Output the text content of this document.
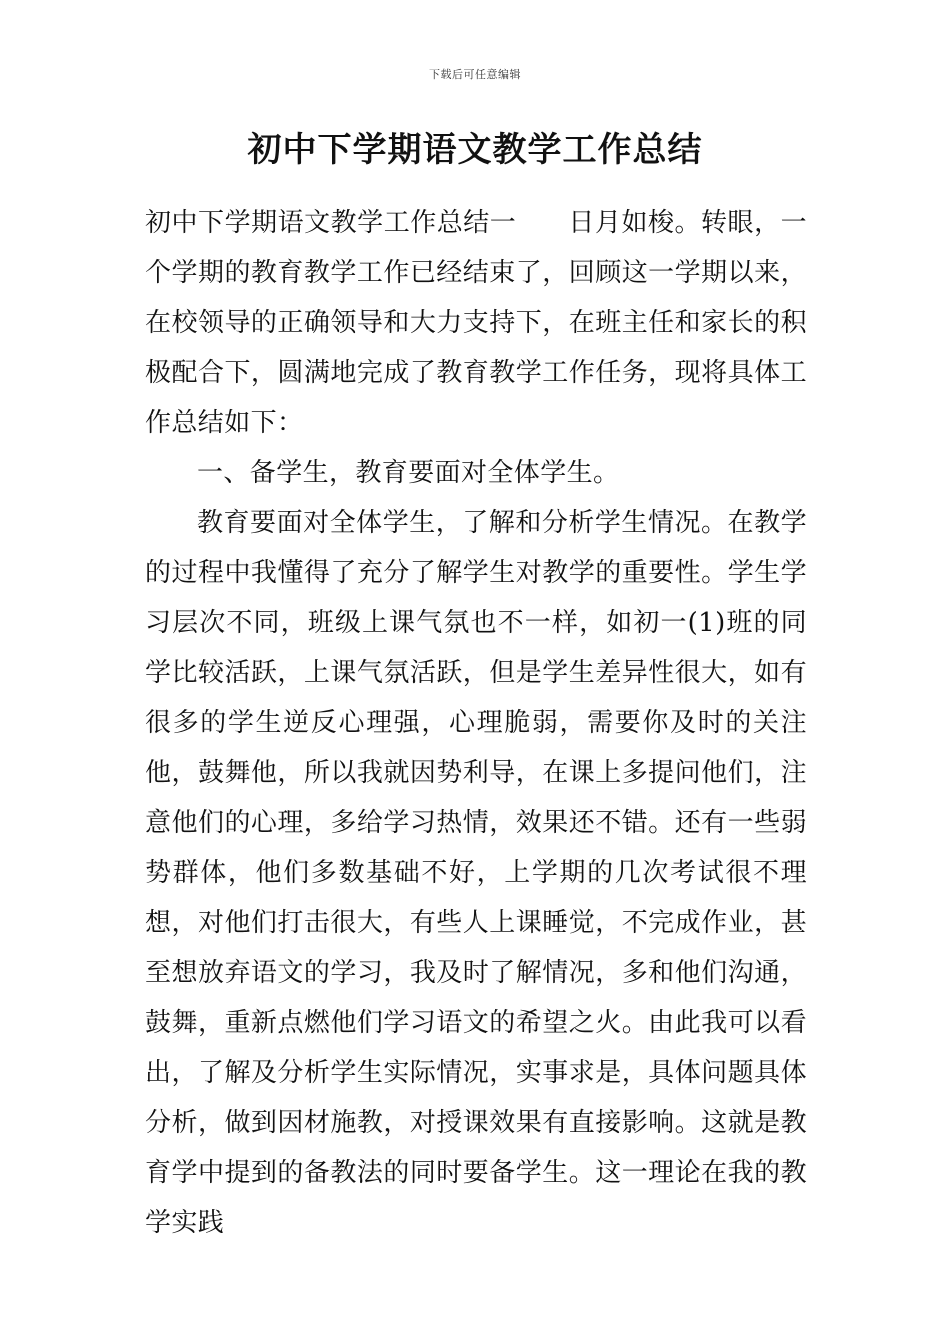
下载后可任意编辑
初中下学期语文教学工作总结

初中下学期语文教学工作总结一 日月如梭。转眼，一个学期的教育教学工作已经结束了，回顾这一学期以来，在校领导的正确领导和大力支持下，在班主任和家长的积极配合下，圆满地完成了教育教学工作任务，现将具体工作总结如下：

一、备学生，教育要面对全体学生。

教育要面对全体学生，了解和分析学生情况。在教学的过程中我懂得了充分了解学生对教学的重要性。学生学习层次不同，班级上课气氛也不一样，如初一(1)班的同学比较活跃，上课气氛活跃，但是学生差异性很大，如有很多的学生逆反心理强，心理脆弱，需要你及时的关注他，鼓舞他，所以我就因势利导，在课上多提问他们，注意他们的心理，多给学习热情，效果还不错。还有一些弱势群体，他们多数基础不好，上学期的几次考试很不理想，对他们打击很大，有些人上课睡觉，不完成作业，甚至想放弃语文的学习，我及时了解情况，多和他们沟通，鼓舞，重新点燃他们学习语文的希望之火。由此我可以看出，了解及分析学生实际情况，实事求是，具体问题具体分析，做到因材施教，对授课效果有直接影响。这就是教育学中提到的备教法的同时要备学生。这一理论在我的教学实践
